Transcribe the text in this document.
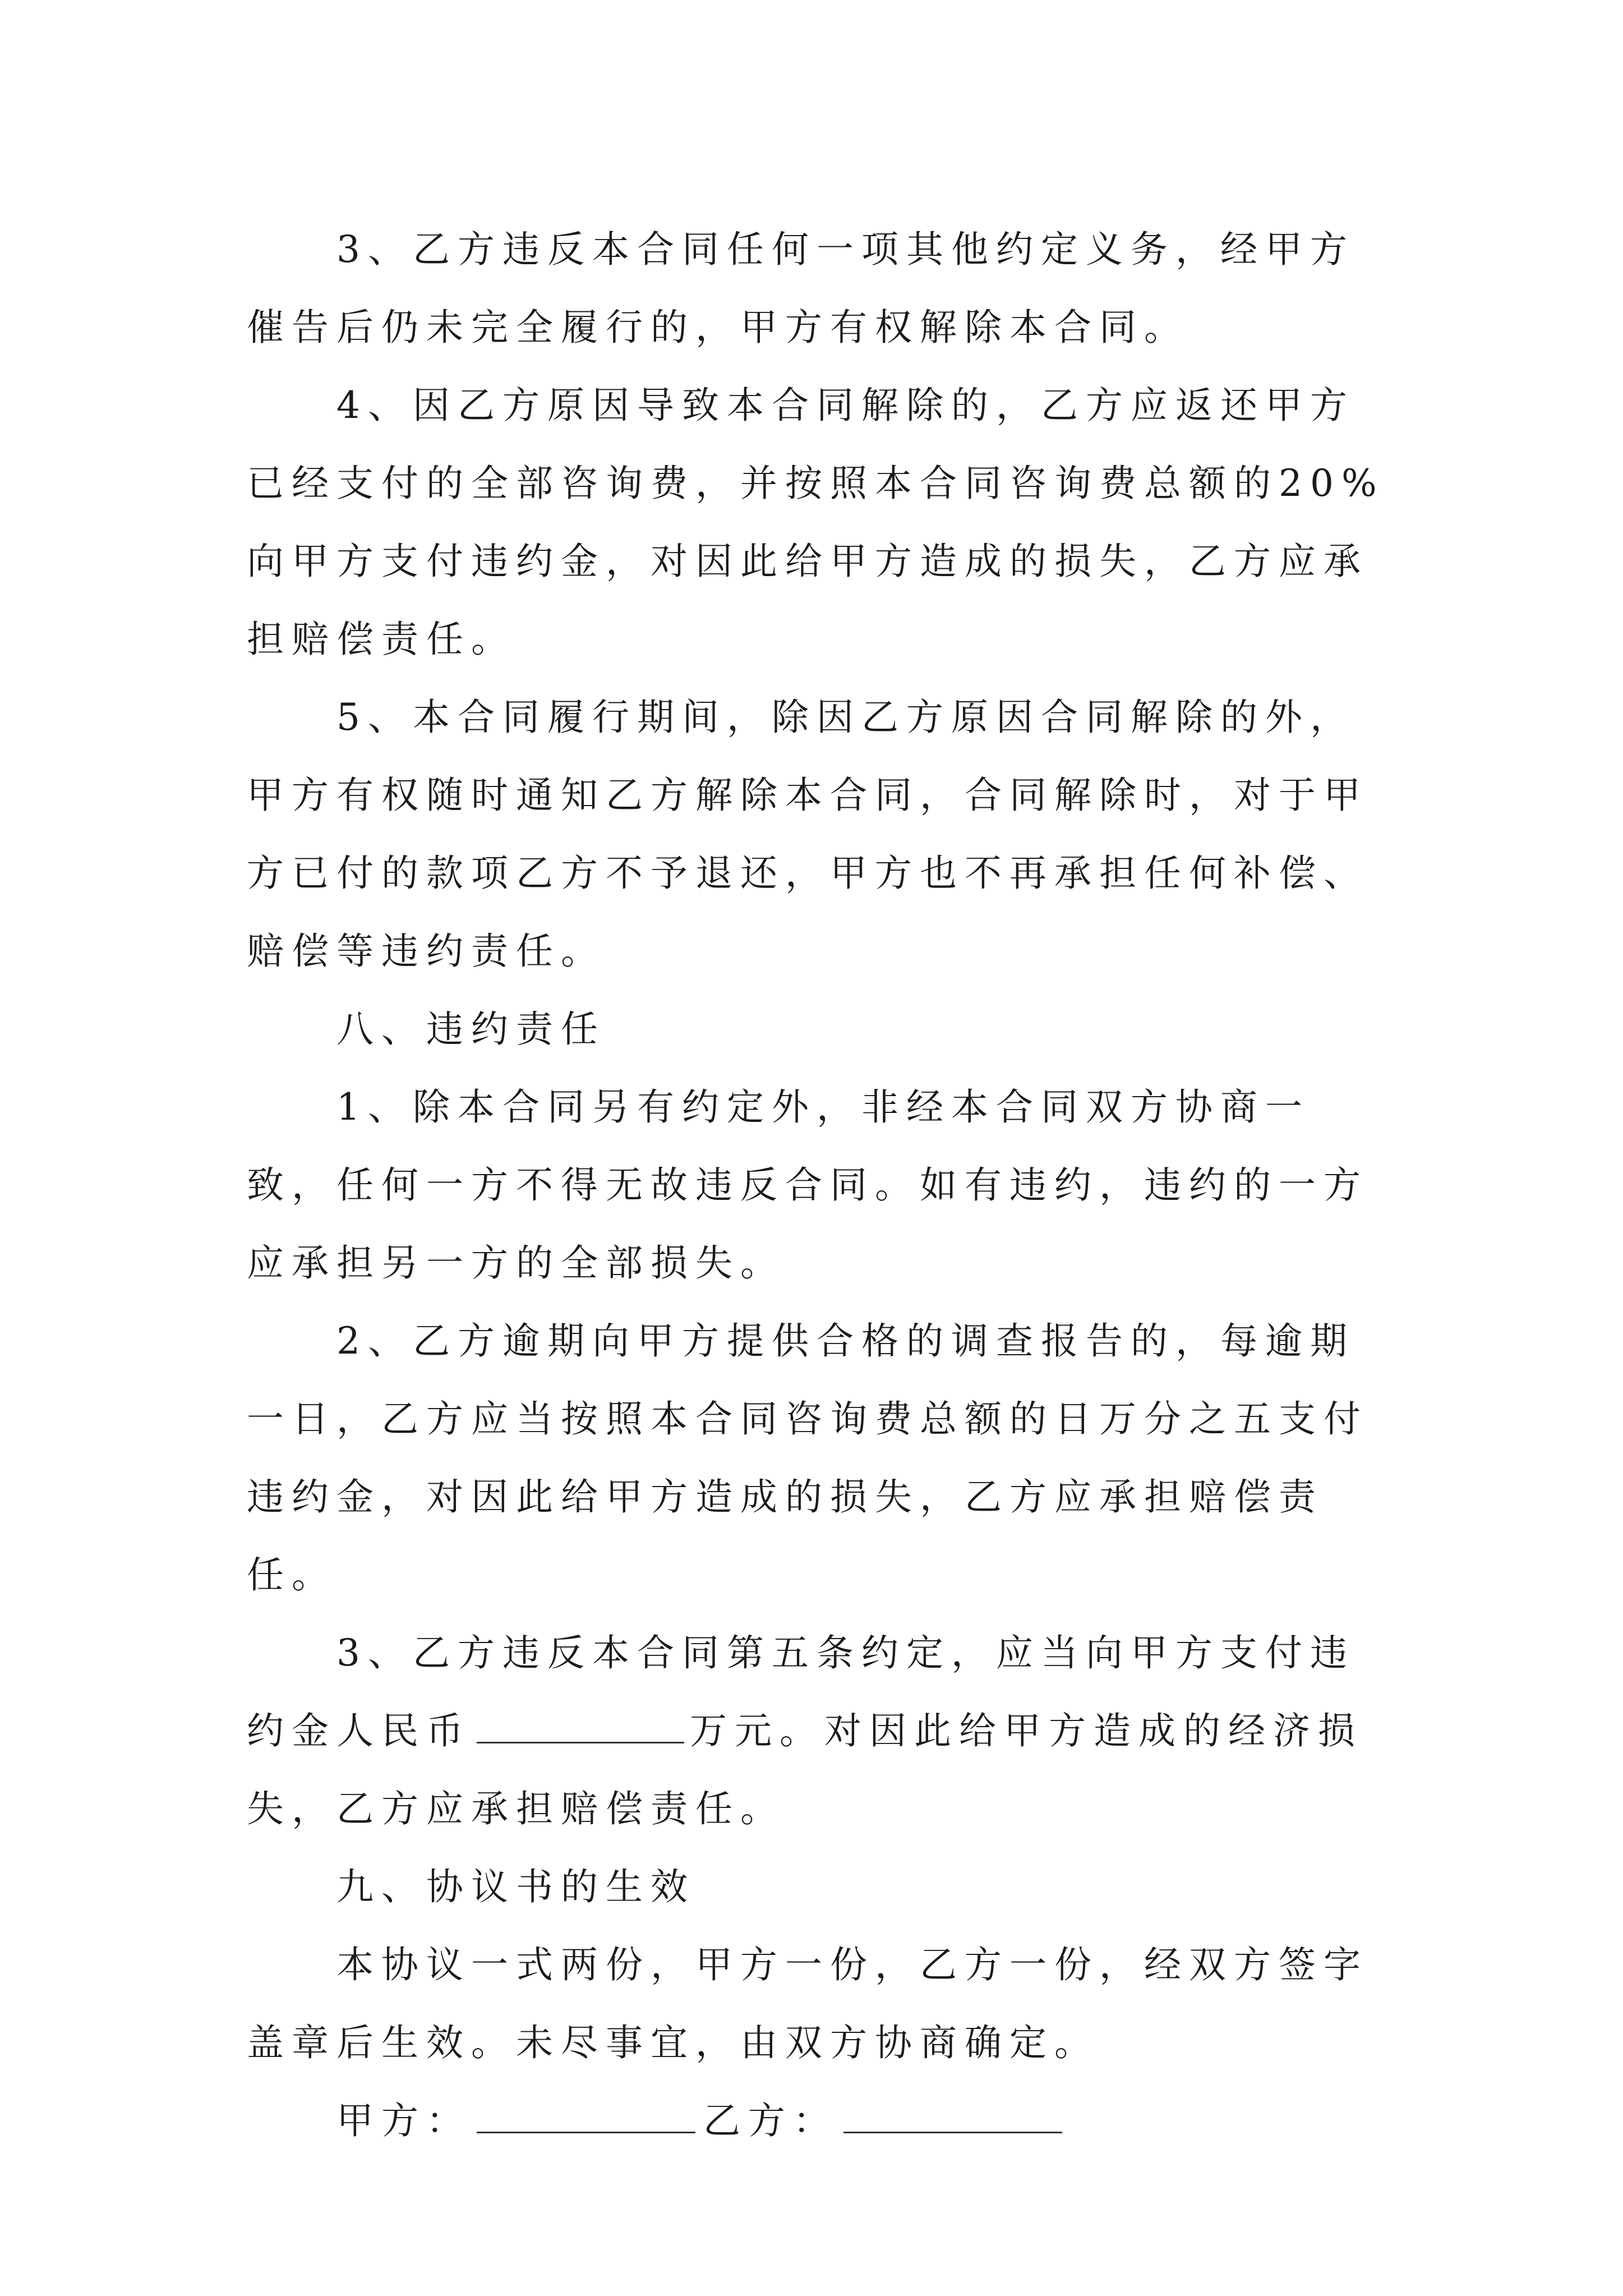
3、乙方违反本合同任何一项其他约定义务，经甲方催告后仍未完全履行的，甲方有权解除本合同。

4、因乙方原因导致本合同解除的，乙方应返还甲方已经支付的全部咨询费，并按照本合同咨询费总额的20%向甲方支付违约金，对因此给甲方造成的损失，乙方应承担赔偿责任。

5、本合同履行期间，除因乙方原因合同解除的外，甲方有权随时通知乙方解除本合同，合同解除时，对于甲方已付的款项乙方不予退还，甲方也不再承担任何补偿、赔偿等违约责任。

八、违约责任

1、除本合同另有约定外，非经本合同双方协商一致，任何一方不得无故违反合同。如有违约，违约的一方应承担另一方的全部损失。

2、乙方逾期向甲方提供合格的调查报告的，每逾期一日，乙方应当按照本合同咨询费总额的日万分之五支付违约金，对因此给甲方造成的损失，乙方应承担赔偿责任。

3、乙方违反本合同第五条约定，应当向甲方支付违约金人民币	万元。对因此给甲方造成的经济损失，乙方应承担赔偿责任。

九、协议书的生效

本协议一式两份，甲方一份，乙方一份，经双方签字盖章后生效。未尽事宜，由双方协商确定。

甲方：	乙方：
